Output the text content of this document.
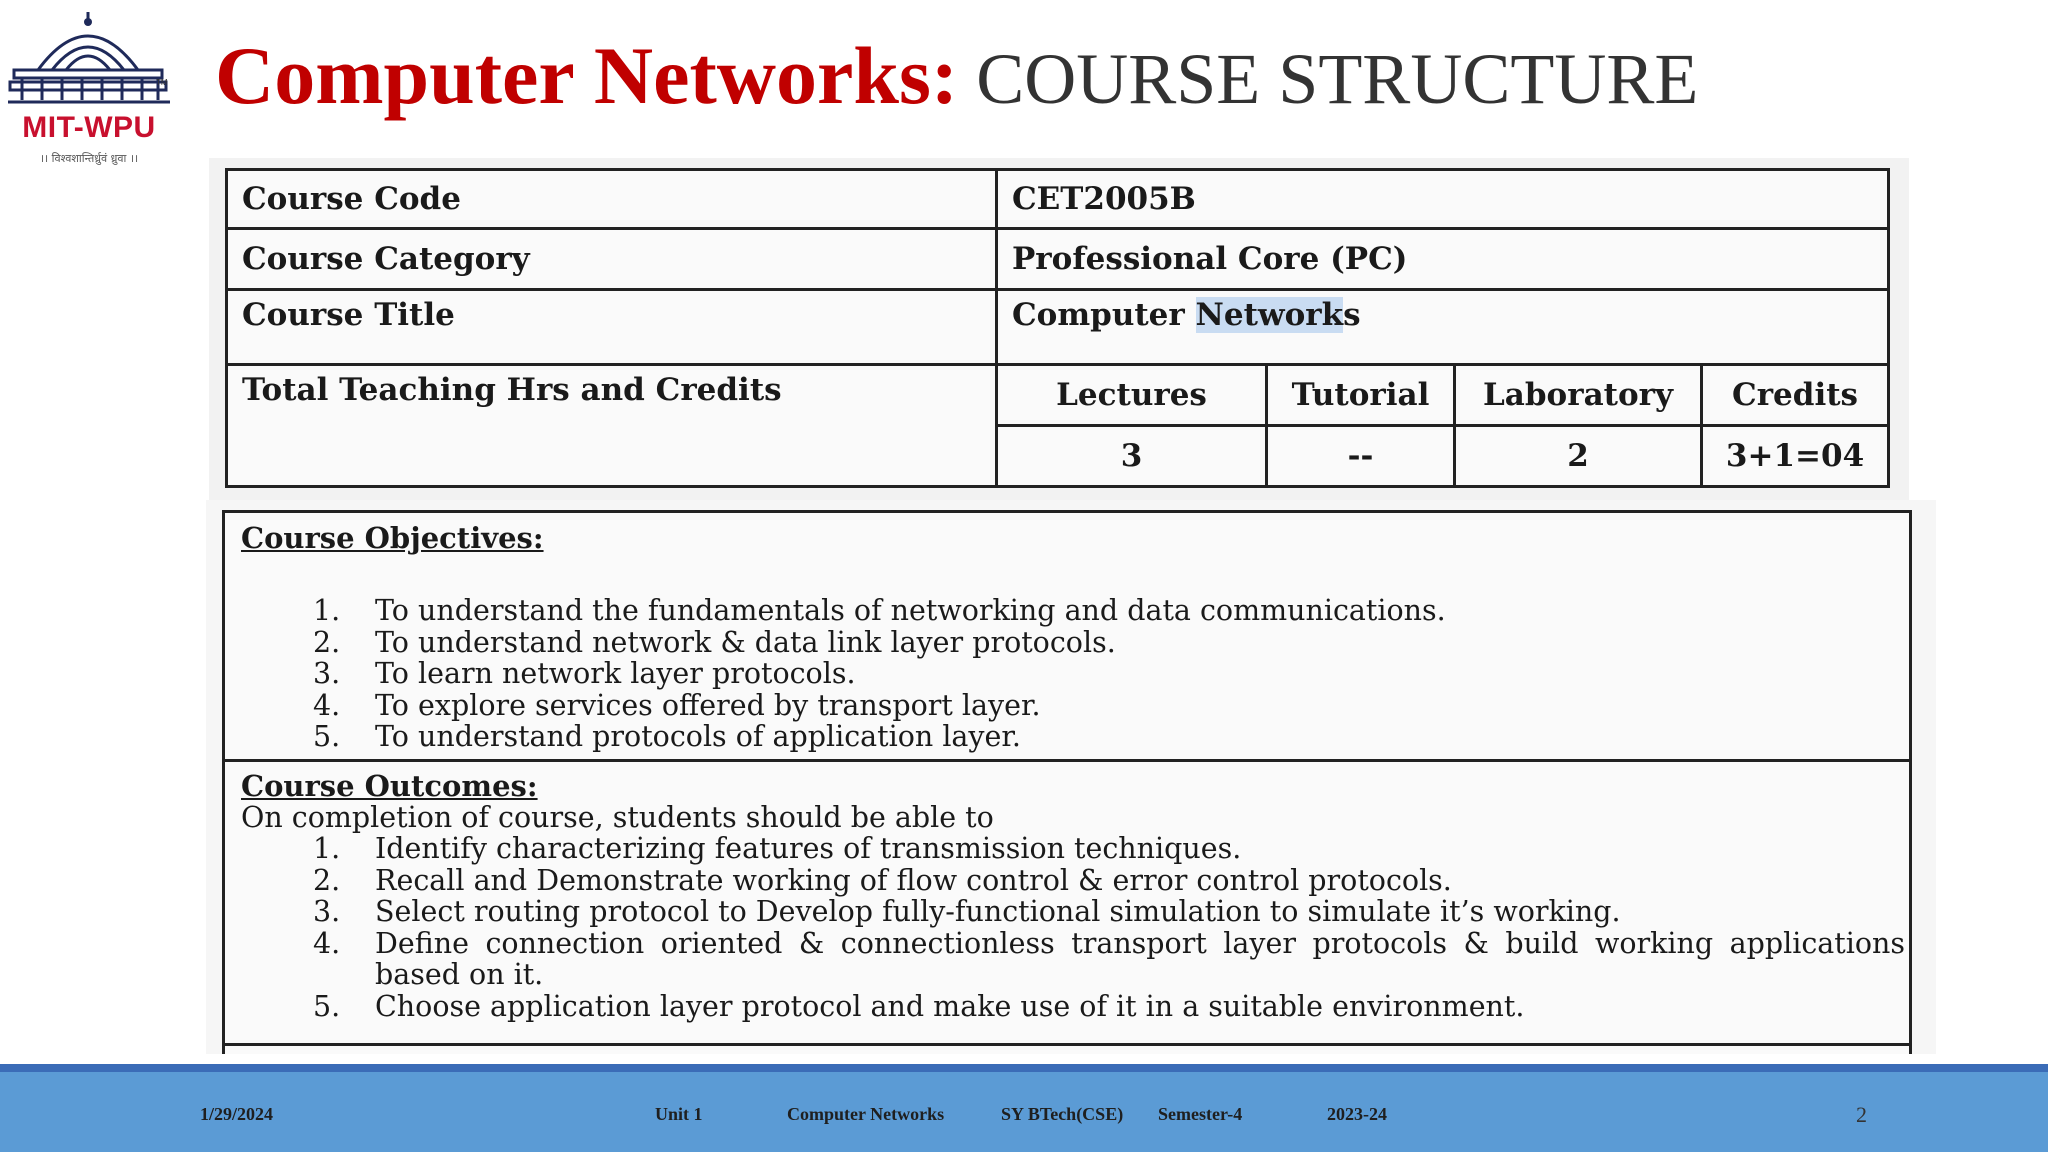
TM
MIT-WPU
।। विश्वशान्तिर्ध्रुवं ध्रुवा ।।
Computer Networks: COURSE STRUCTURE
Course Code	CET2005B			
Course Category	Professional Core (PC)			
Course Title	Computer Networks			
Total Teaching Hrs and Credits	Lectures	Tutorial	Laboratory	Credits
	3	--	2	3+1=04

Course Objectives:

1.	To understand the fundamentals of networking and data communications.
2.	To understand network & data link layer protocols.
3.	To learn network layer protocols.
4.	To explore services offered by transport layer.
5.	To understand protocols of application layer.

Course Outcomes:

On completion of course, students should be able to

1.	Identify characterizing features of transmission techniques.
2.	Recall and Demonstrate working of flow control & error control protocols.
3.	Select routing protocol to Develop fully-functional simulation to simulate it’s working.
4.	Define connection oriented & connectionless transport layer protocols & build working applications based on it.
5.	Choose application layer protocol and make use of it in a suitable environment.
1/29/2024	Unit 1	Computer Networks	SY BTech(CSE) Semester-4	2023-24	2
